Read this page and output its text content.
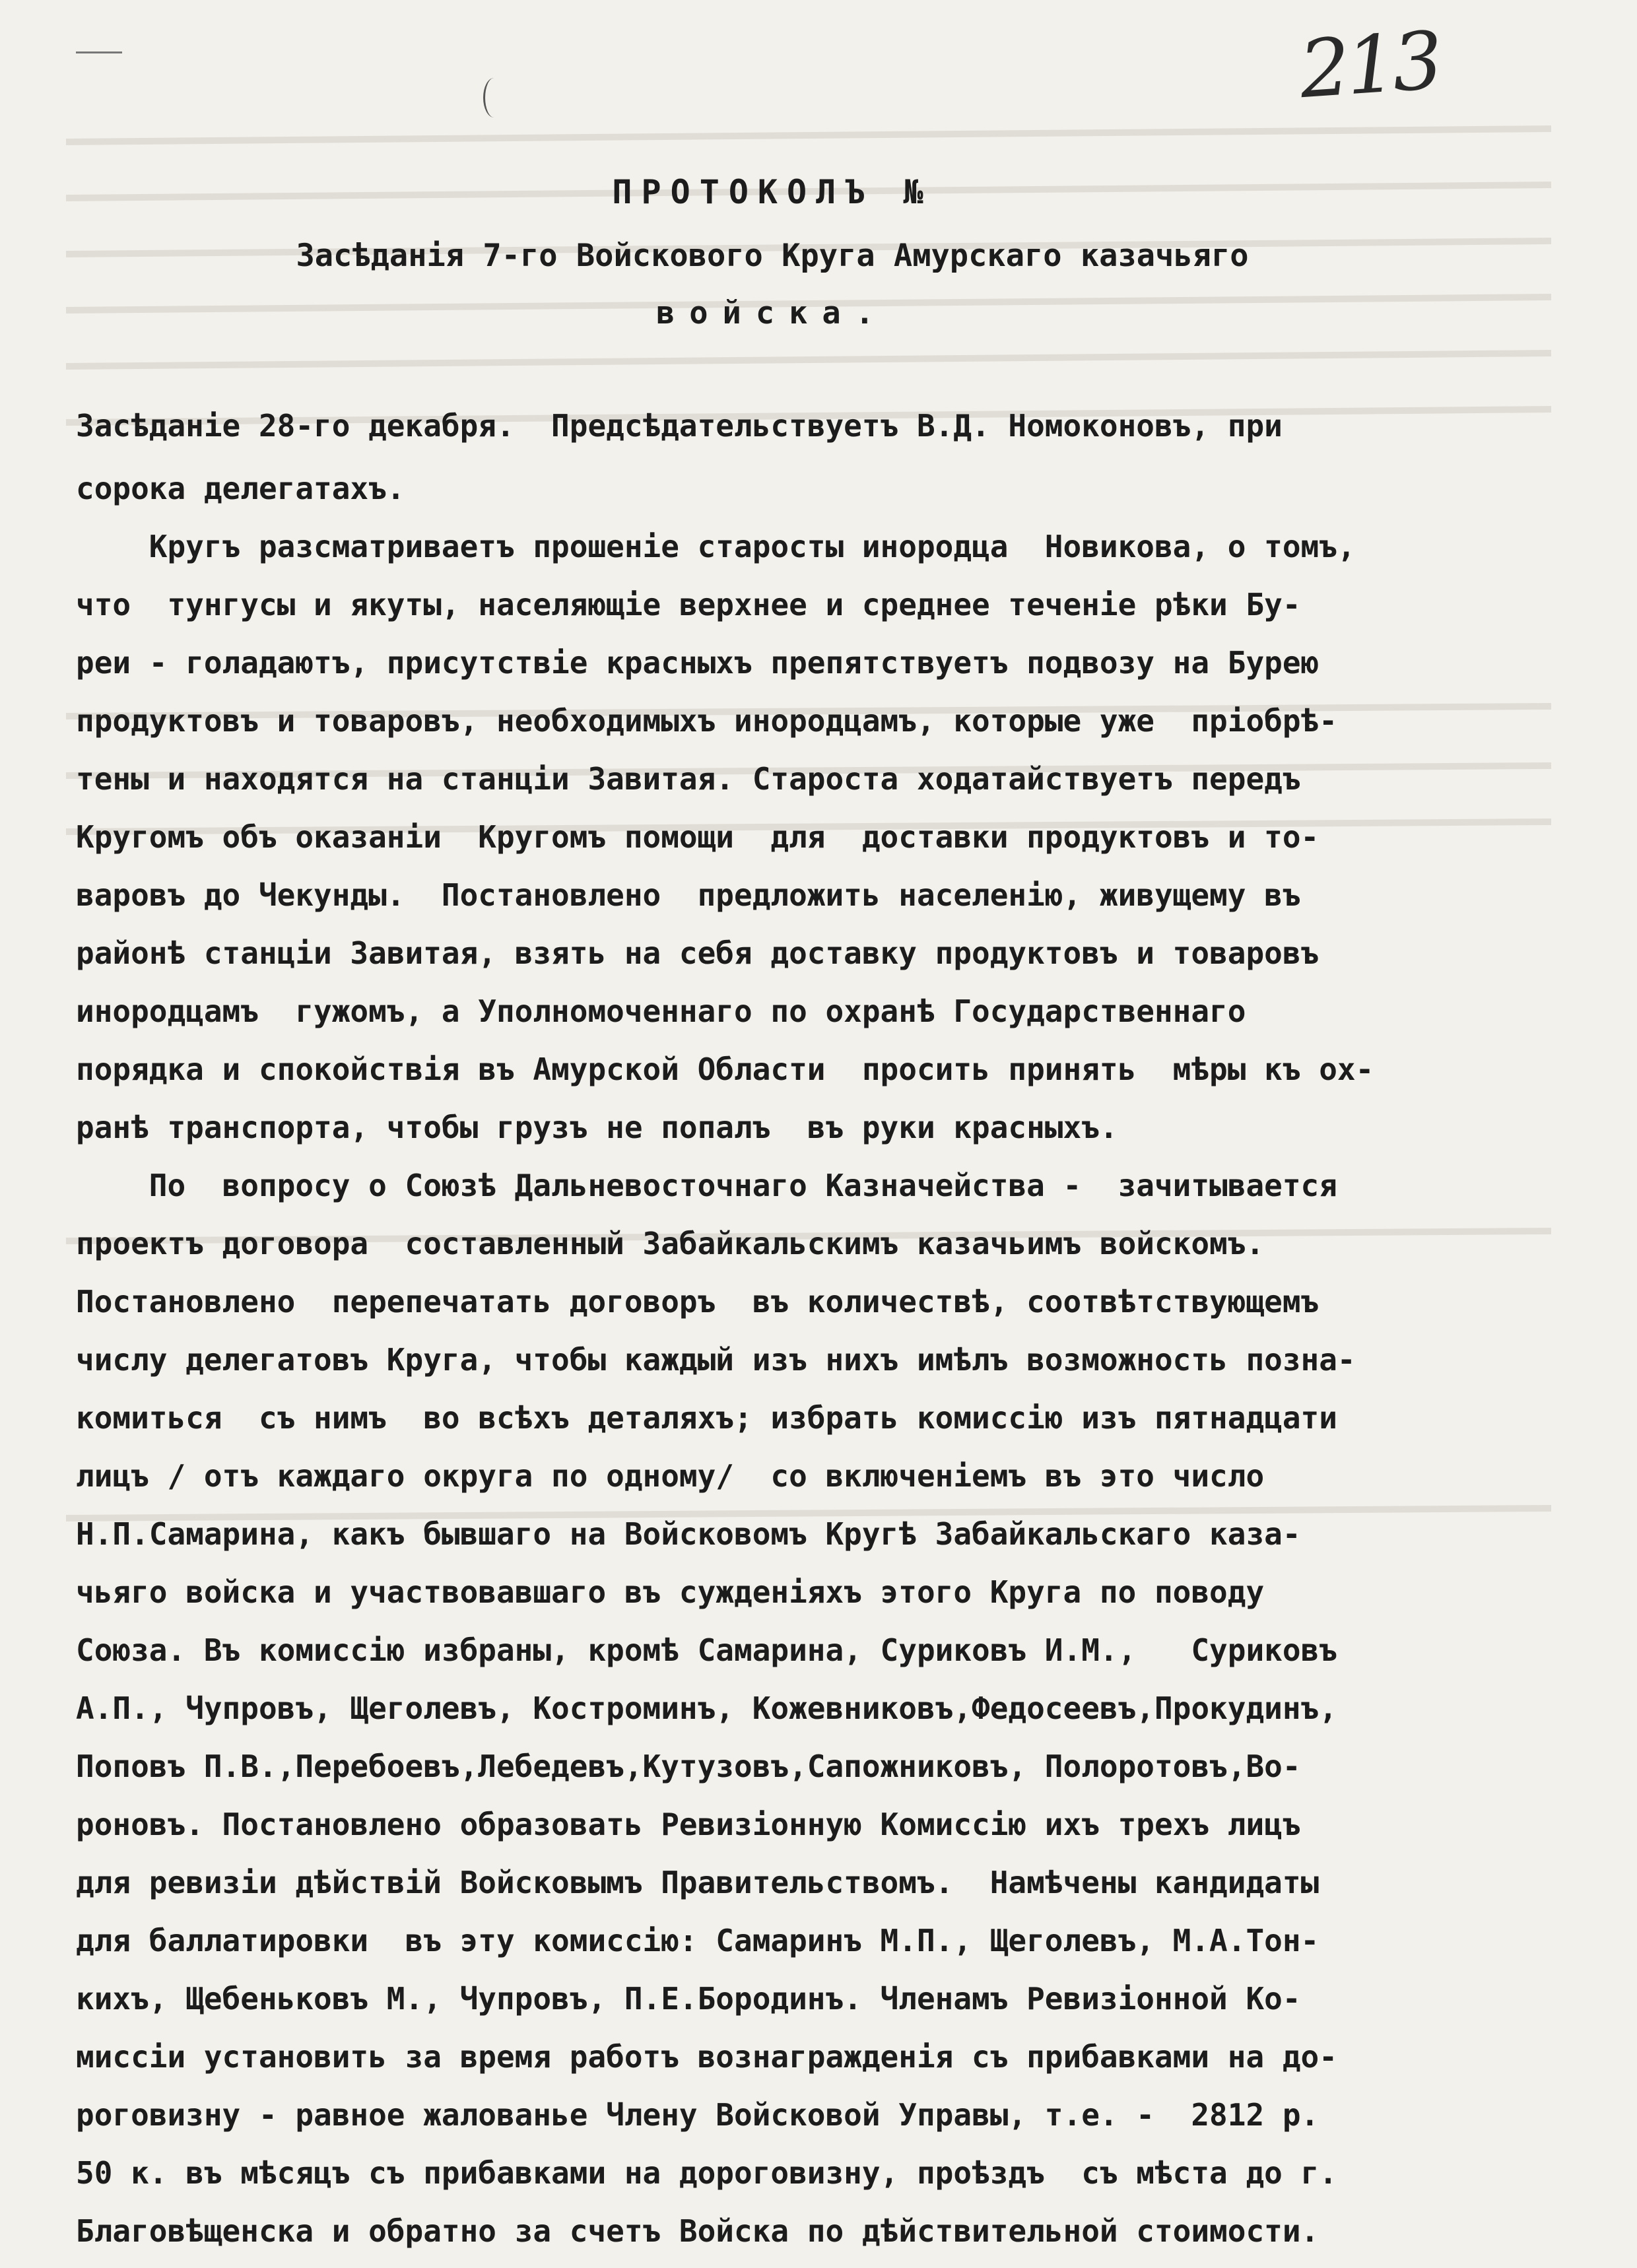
213
ПРОТОКОЛЪ №
Засѣданія 7-го Войскового Круга Амурскаго казачьяго
войска.
Засѣданіе 28-го декабря.  Предсѣдательствуетъ В.Д. Номоконовъ, при
сорока делегатахъ.
Кругъ разсматриваетъ прошеніе старосты инородца  Новикова, о томъ,
что  тунгусы и якуты, населяющіе верхнее и среднее теченіе рѣки Бу-
реи - голадаютъ, присутствіе красныхъ препятствуетъ подвозу на Бурею
продуктовъ и товаровъ, необходимыхъ инородцамъ, которые уже  пріобрѣ-
тены и находятся на станціи Завитая. Староста ходатайствуетъ передъ
Кругомъ объ оказаніи  Кругомъ помощи  для  доставки продуктовъ и то-
варовъ до Чекунды.  Постановлено  предложить населенію, живущему въ
районѣ станціи Завитая, взять на себя доставку продуктовъ и товаровъ
инородцамъ  гужомъ, а Уполномоченнаго по охранѣ Государственнаго
порядка и спокойствія въ Амурской Области  просить принять  мѣры къ ох-
ранѣ транспорта, чтобы грузъ не попалъ  въ руки красныхъ.
По  вопросу о Союзѣ Дальневосточнаго Казначейства -  зачитывается
проектъ договора  составленный Забайкальскимъ казачьимъ войскомъ.
Постановлено  перепечатать договоръ  въ количествѣ, соотвѣтствующемъ
числу делегатовъ Круга, чтобы каждый изъ нихъ имѣлъ возможность позна-
комиться  съ нимъ  во всѣхъ деталяхъ; избрать комиссію изъ пятнадцати
лицъ / отъ каждаго округа по одному/  со включеніемъ въ это число
Н.П.Самарина, какъ бывшаго на Войсковомъ Кругѣ Забайкальскаго каза-
чьяго войска и участвовавшаго въ сужденіяхъ этого Круга по поводу
Союза. Въ комиссію избраны, кромѣ Самарина, Суриковъ И.М.,   Суриковъ
А.П., Чупровъ, Щеголевъ, Костроминъ, Кожевниковъ,Федосеевъ,Прокудинъ,
Поповъ П.В.,Перебоевъ,Лебедевъ,Кутузовъ,Сапожниковъ, Полоротовъ,Во-
роновъ. Постановлено образовать Ревизіонную Комиссію ихъ трехъ лицъ
для ревизіи дѣйствій Войсковымъ Правительствомъ.  Намѣчены кандидаты
для баллатировки  въ эту комиссію: Самаринъ М.П., Щеголевъ, М.А.Тон-
кихъ, Щебеньковъ М., Чупровъ, П.Е.Бородинъ. Членамъ Ревизіонной Ко-
миссіи установить за время работъ вознагражденія съ прибавками на до-
роговизну - равное жалованье Члену Войсковой Управы, т.е. -  2812 р.
50 к. въ мѣсяцъ съ прибавками на дороговизну, проѣздъ  съ мѣста до г.
Благовѣщенска и обратно за счетъ Войска по дѣйствительной стоимости.
